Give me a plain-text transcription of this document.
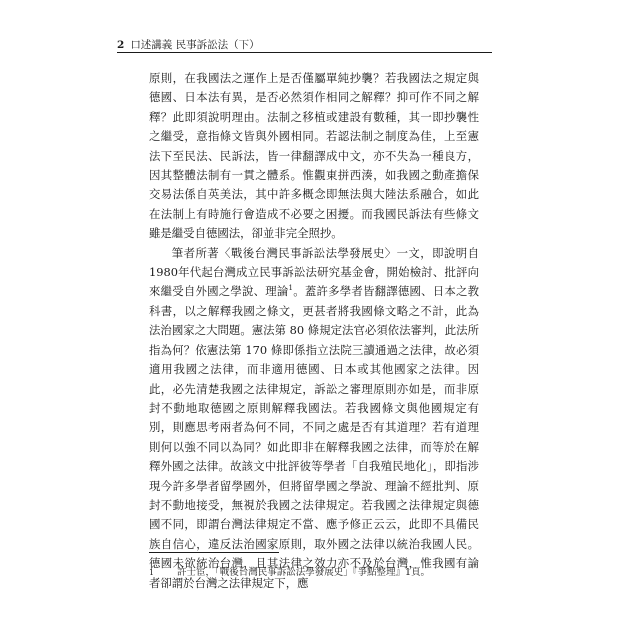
2 口述講義 民事訴訟法（下）

原則，在我國法之運作上是否僅屬單純抄襲？若我國法之規定與德國、日本法有異，是否必然須作相同之解釋？抑可作不同之解釋？此即須說明理由。法制之移植或建設有數種，其一即抄襲性之繼受，意指條文皆與外國相同。若認法制之制度為佳，上至憲法下至民法、民訴法，皆一律翻譯成中文，亦不失為一種良方，因其整體法制有一貫之體系。惟觀東拼西湊，如我國之動產擔保交易法係自英美法，其中許多概念即無法與大陸法系融合，如此在法制上有時施行會造成不必要之困擾。而我國民訴法有些條文雖是繼受自德國法，卻並非完全照抄。

筆者所著〈戰後台灣民事訴訟法學發展史〉一文，即說明自1980年代起台灣成立民事訴訟法研究基金會，開始檢討、批評向來繼受自外國之學說、理論$^1$。蓋許多學者皆翻譯德國、日本之教科書，以之解釋我國之條文，更甚者將我國條文略之不計，此為法治國家之大問題。憲法第 80 條規定法官必須依法審判，此法所指為何？依憲法第 170 條即係指立法院三讀通過之法律，故必須適用我國之法律，而非適用德國、日本或其他國家之法律。因此，必先清楚我國之法律規定，訴訟之審理原則亦如是，而非原封不動地取德國之原則解釋我國法。若我國條文與他國規定有別，則應思考兩者為何不同，不同之處是否有其道理？若有道理則何以強不同以為同？如此即非在解釋我國之法律，而等於在解釋外國之法律。故該文中批評彼等學者「自我殖民地化」，即指涉現今許多學者留學國外，但將留學國之學說、理論不經批判、原封不動地接受，無視於我國之法律規定。若我國之法律規定與德國不同，即謂台灣法律規定不當、應予修正云云，此即不具備民族自信心，違反法治國家原則，取外國之法律以統治我國人民。德國未欲統治台灣，且其法律之效力亦不及於台灣，惟我國有論者卻謂於台灣之法律規定下，應

1	許士宦，「戰後台灣民事訴訟法學發展史」『爭點整理』1頁。
